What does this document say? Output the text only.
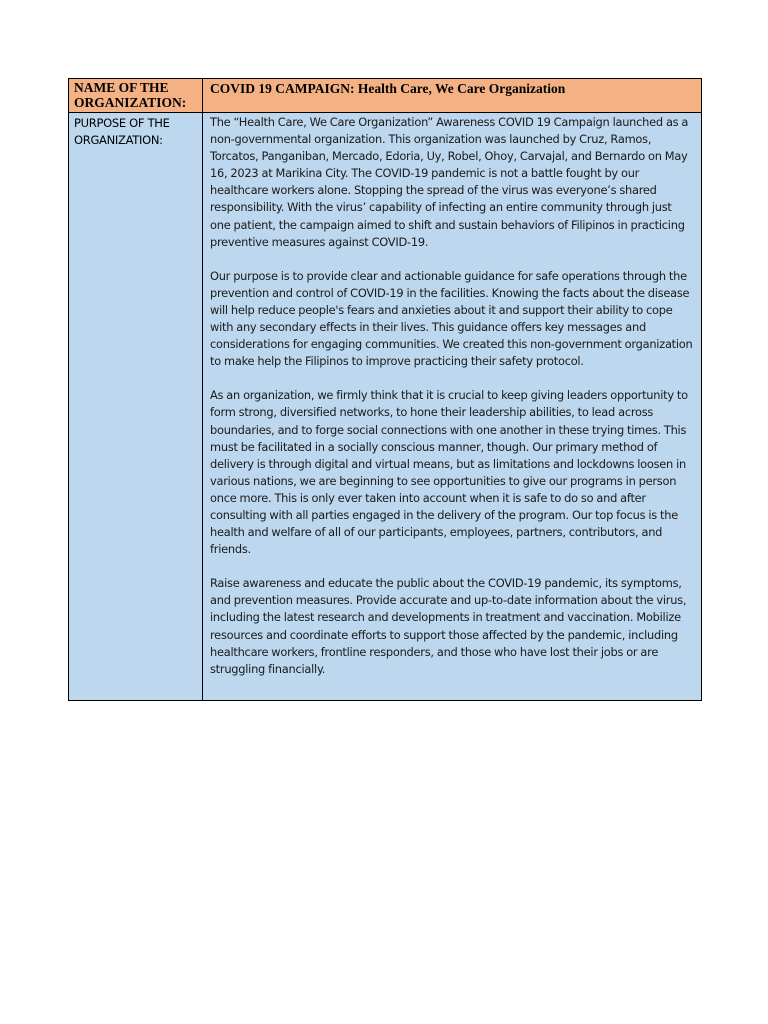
NAME OF THE ORGANIZATION:	COVID 19 CAMPAIGN: Health Care, We Care Organization

PURPOSE OF THE ORGANIZATION:	The “Health Care, We Care Organization” Awareness COVID 19 Campaign launched as a non-governmental organization. This organization was launched by Cruz, Ramos, Torcatos, Panganiban, Mercado, Edoria, Uy, Robel, Ohoy, Carvajal, and Bernardo on May 16, 2023 at Marikina City. The COVID-19 pandemic is not a battle fought by our healthcare workers alone. Stopping the spread of the virus was everyone’s shared responsibility. With the virus’ capability of infecting an entire community through just one patient, the campaign aimed to shift and sustain behaviors of Filipinos in practicing preventive measures against COVID-19.

Our purpose is to provide clear and actionable guidance for safe operations through the prevention and control of COVID-19 in the facilities. Knowing the facts about the disease will help reduce people's fears and anxieties about it and support their ability to cope with any secondary effects in their lives. This guidance offers key messages and considerations for engaging communities. We created this non-government organization to make help the Filipinos to improve practicing their safety protocol.

As an organization, we firmly think that it is crucial to keep giving leaders opportunity to form strong, diversified networks, to hone their leadership abilities, to lead across boundaries, and to forge social connections with one another in these trying times. This must be facilitated in a socially conscious manner, though. Our primary method of delivery is through digital and virtual means, but as limitations and lockdowns loosen in various nations, we are beginning to see opportunities to give our programs in person once more. This is only ever taken into account when it is safe to do so and after consulting with all parties engaged in the delivery of the program. Our top focus is the health and welfare of all of our participants, employees, partners, contributors, and friends.

Raise awareness and educate the public about the COVID-19 pandemic, its symptoms, and prevention measures. Provide accurate and up-to-date information about the virus, including the latest research and developments in treatment and vaccination. Mobilize resources and coordinate efforts to support those affected by the pandemic, including healthcare workers, frontline responders, and those who have lost their jobs or are struggling financially.
